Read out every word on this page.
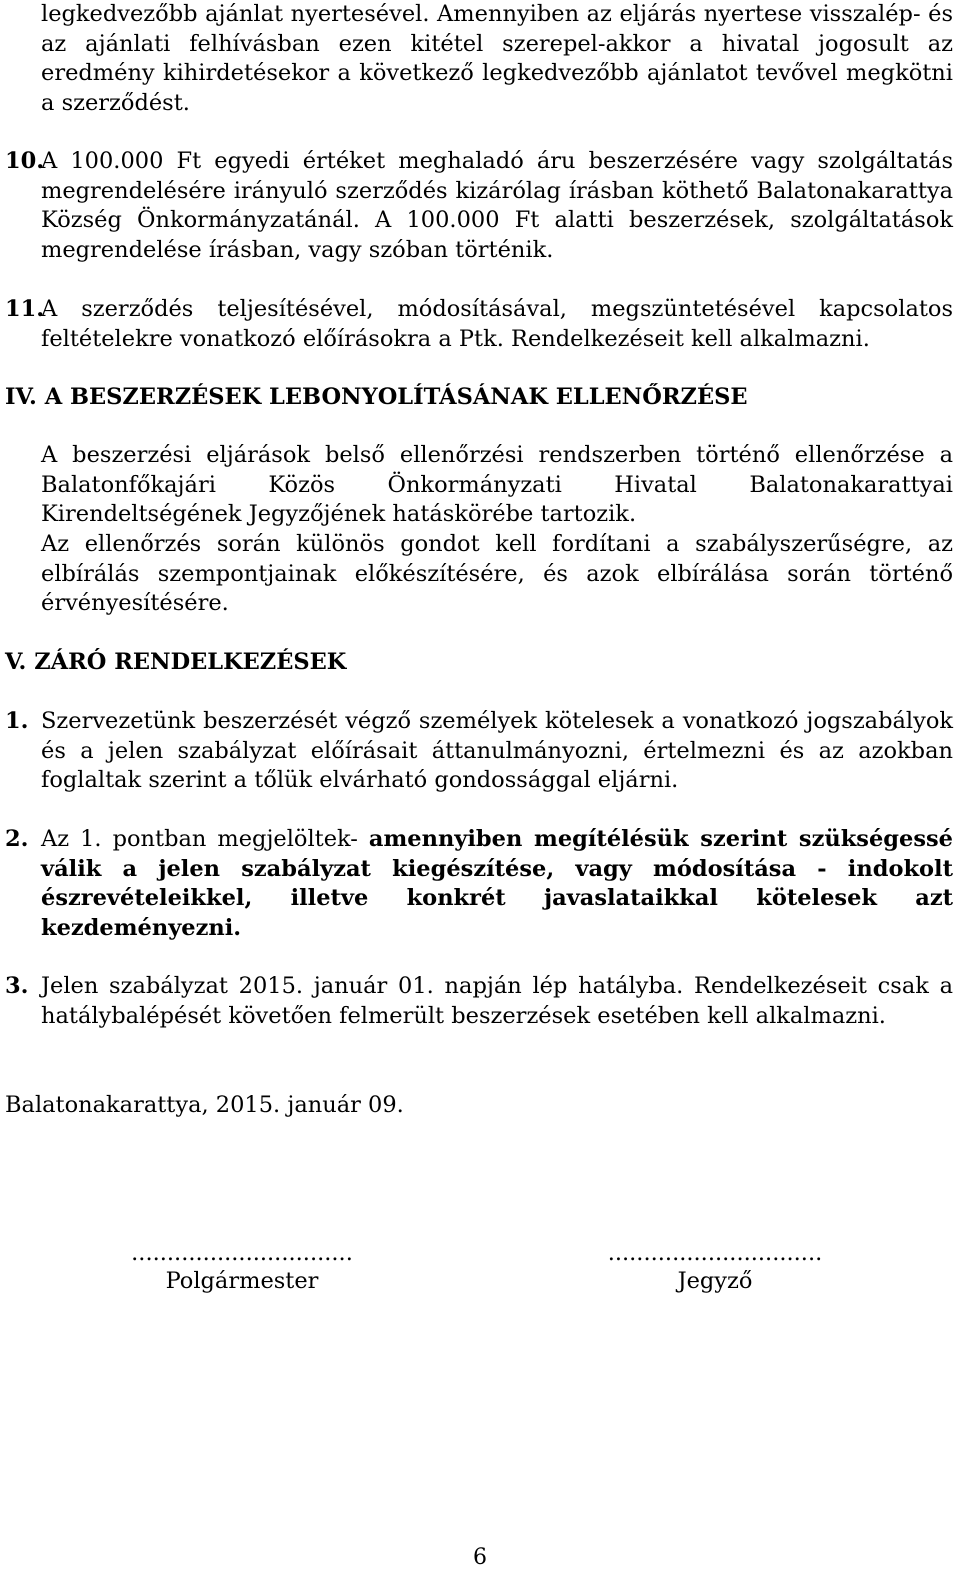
legkedvezőbb ajánlat nyertesével. Amennyiben az eljárás nyertese visszalép- és az ajánlati felhívásban ezen kitétel szerepel-akkor a hivatal jogosult az eredmény kihirdetésekor a következő legkedvezőbb ajánlatot tevővel megkötni a szerződést.

10.

A 100.000 Ft egyedi értéket meghaladó áru beszerzésére vagy szolgáltatás megrendelésére irányuló szerződés kizárólag írásban köthető Balatonakarattya Község Önkormányzatánál. A 100.000 Ft alatti beszerzések, szolgáltatások megrendelése írásban, vagy szóban történik.

11.

A szerződés teljesítésével, módosításával, megszüntetésével kapcsolatos feltételekre vonatkozó előírásokra a Ptk. Rendelkezéseit kell alkalmazni.

IV. A BESZERZÉSEK LEBONYOLÍTÁSÁNAK ELLENŐRZÉSE

A beszerzési eljárások belső ellenőrzési rendszerben történő ellenőrzése a Balatonfőkajári Közös Önkormányzati Hivatal Balatonakarattyai Kirendeltségének Jegyzőjének hatáskörébe tartozik.

Az ellenőrzés során különös gondot kell fordítani a szabályszerűségre, az elbírálás szempontjainak előkészítésére, és azok elbírálása során történő érvényesítésére.

V. ZÁRÓ RENDELKEZÉSEK

1. Szervezetünk beszerzését végző személyek kötelesek a vonatkozó jogszabályok és a jelen szabályzat előírásait áttanulmányozni, értelmezni és az azokban foglaltak szerint a tőlük elvárható gondossággal eljárni.

2. Az 1. pontban megjelöltek- amennyiben megítélésük szerint szükségessé válik a jelen szabályzat kiegészítése, vagy módosítása - indokolt észrevételeikkel, illetve konkrét javaslataikkal kötelesek azt kezdeményezni.

3. Jelen szabályzat 2015. január 01. napján lép hatályba. Rendelkezéseit csak a hatálybalépését követően felmerült beszerzések esetében kell alkalmazni.

Balatonakarattya, 2015. január 09.

...............................

Polgármester

..............................

Jegyző

6
